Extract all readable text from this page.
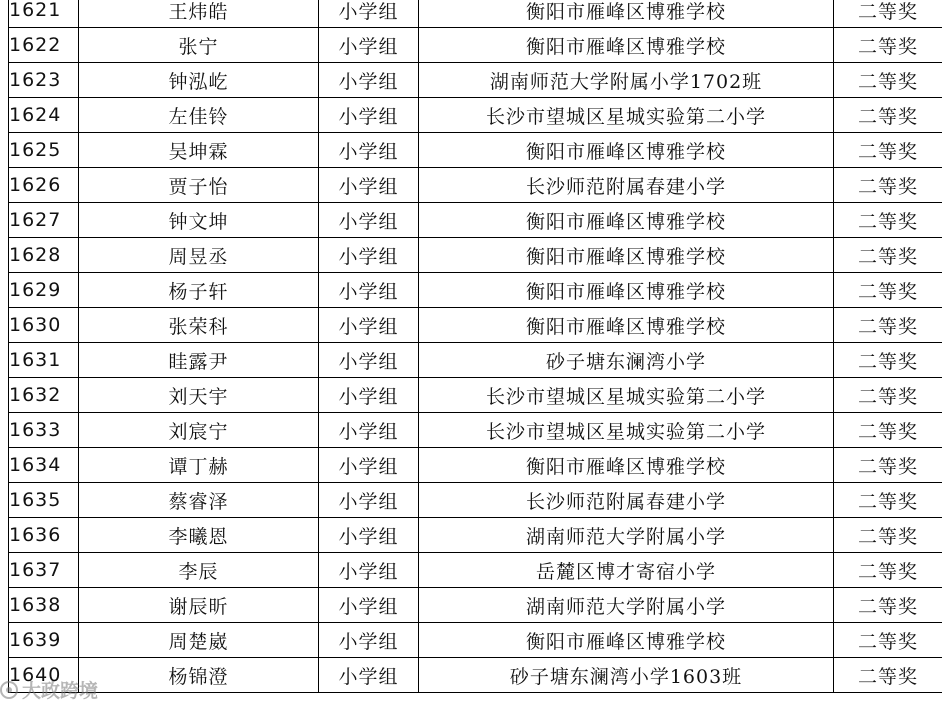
1621	王炜皓	小学组	衡阳市雁峰区博雅学校	二等奖
1622	张宁	小学组	衡阳市雁峰区博雅学校	二等奖
1623	钟泓屹	小学组	湖南师范大学附属小学1702班	二等奖
1624	左佳铃	小学组	长沙市望城区星城实验第二小学	二等奖
1625	吴坤霖	小学组	衡阳市雁峰区博雅学校	二等奖
1626	贾子怡	小学组	长沙师范附属春建小学	二等奖
1627	钟文坤	小学组	衡阳市雁峰区博雅学校	二等奖
1628	周昱丞	小学组	衡阳市雁峰区博雅学校	二等奖
1629	杨子轩	小学组	衡阳市雁峰区博雅学校	二等奖
1630	张荣科	小学组	衡阳市雁峰区博雅学校	二等奖
1631	眭露尹	小学组	砂子塘东澜湾小学	二等奖
1632	刘天宇	小学组	长沙市望城区星城实验第二小学	二等奖
1633	刘宸宁	小学组	长沙市望城区星城实验第二小学	二等奖
1634	谭丁赫	小学组	衡阳市雁峰区博雅学校	二等奖
1635	蔡睿泽	小学组	长沙师范附属春建小学	二等奖
1636	李曦恩	小学组	湖南师范大学附属小学	二等奖
1637	李辰	小学组	岳麓区博才寄宿小学	二等奖
1638	谢辰昕	小学组	湖南师范大学附属小学	二等奖
1639	周楚崴	小学组	衡阳市雁峰区博雅学校	二等奖
1640	杨锦澄	小学组	砂子塘东澜湾小学1603班	二等奖
大政跨境
